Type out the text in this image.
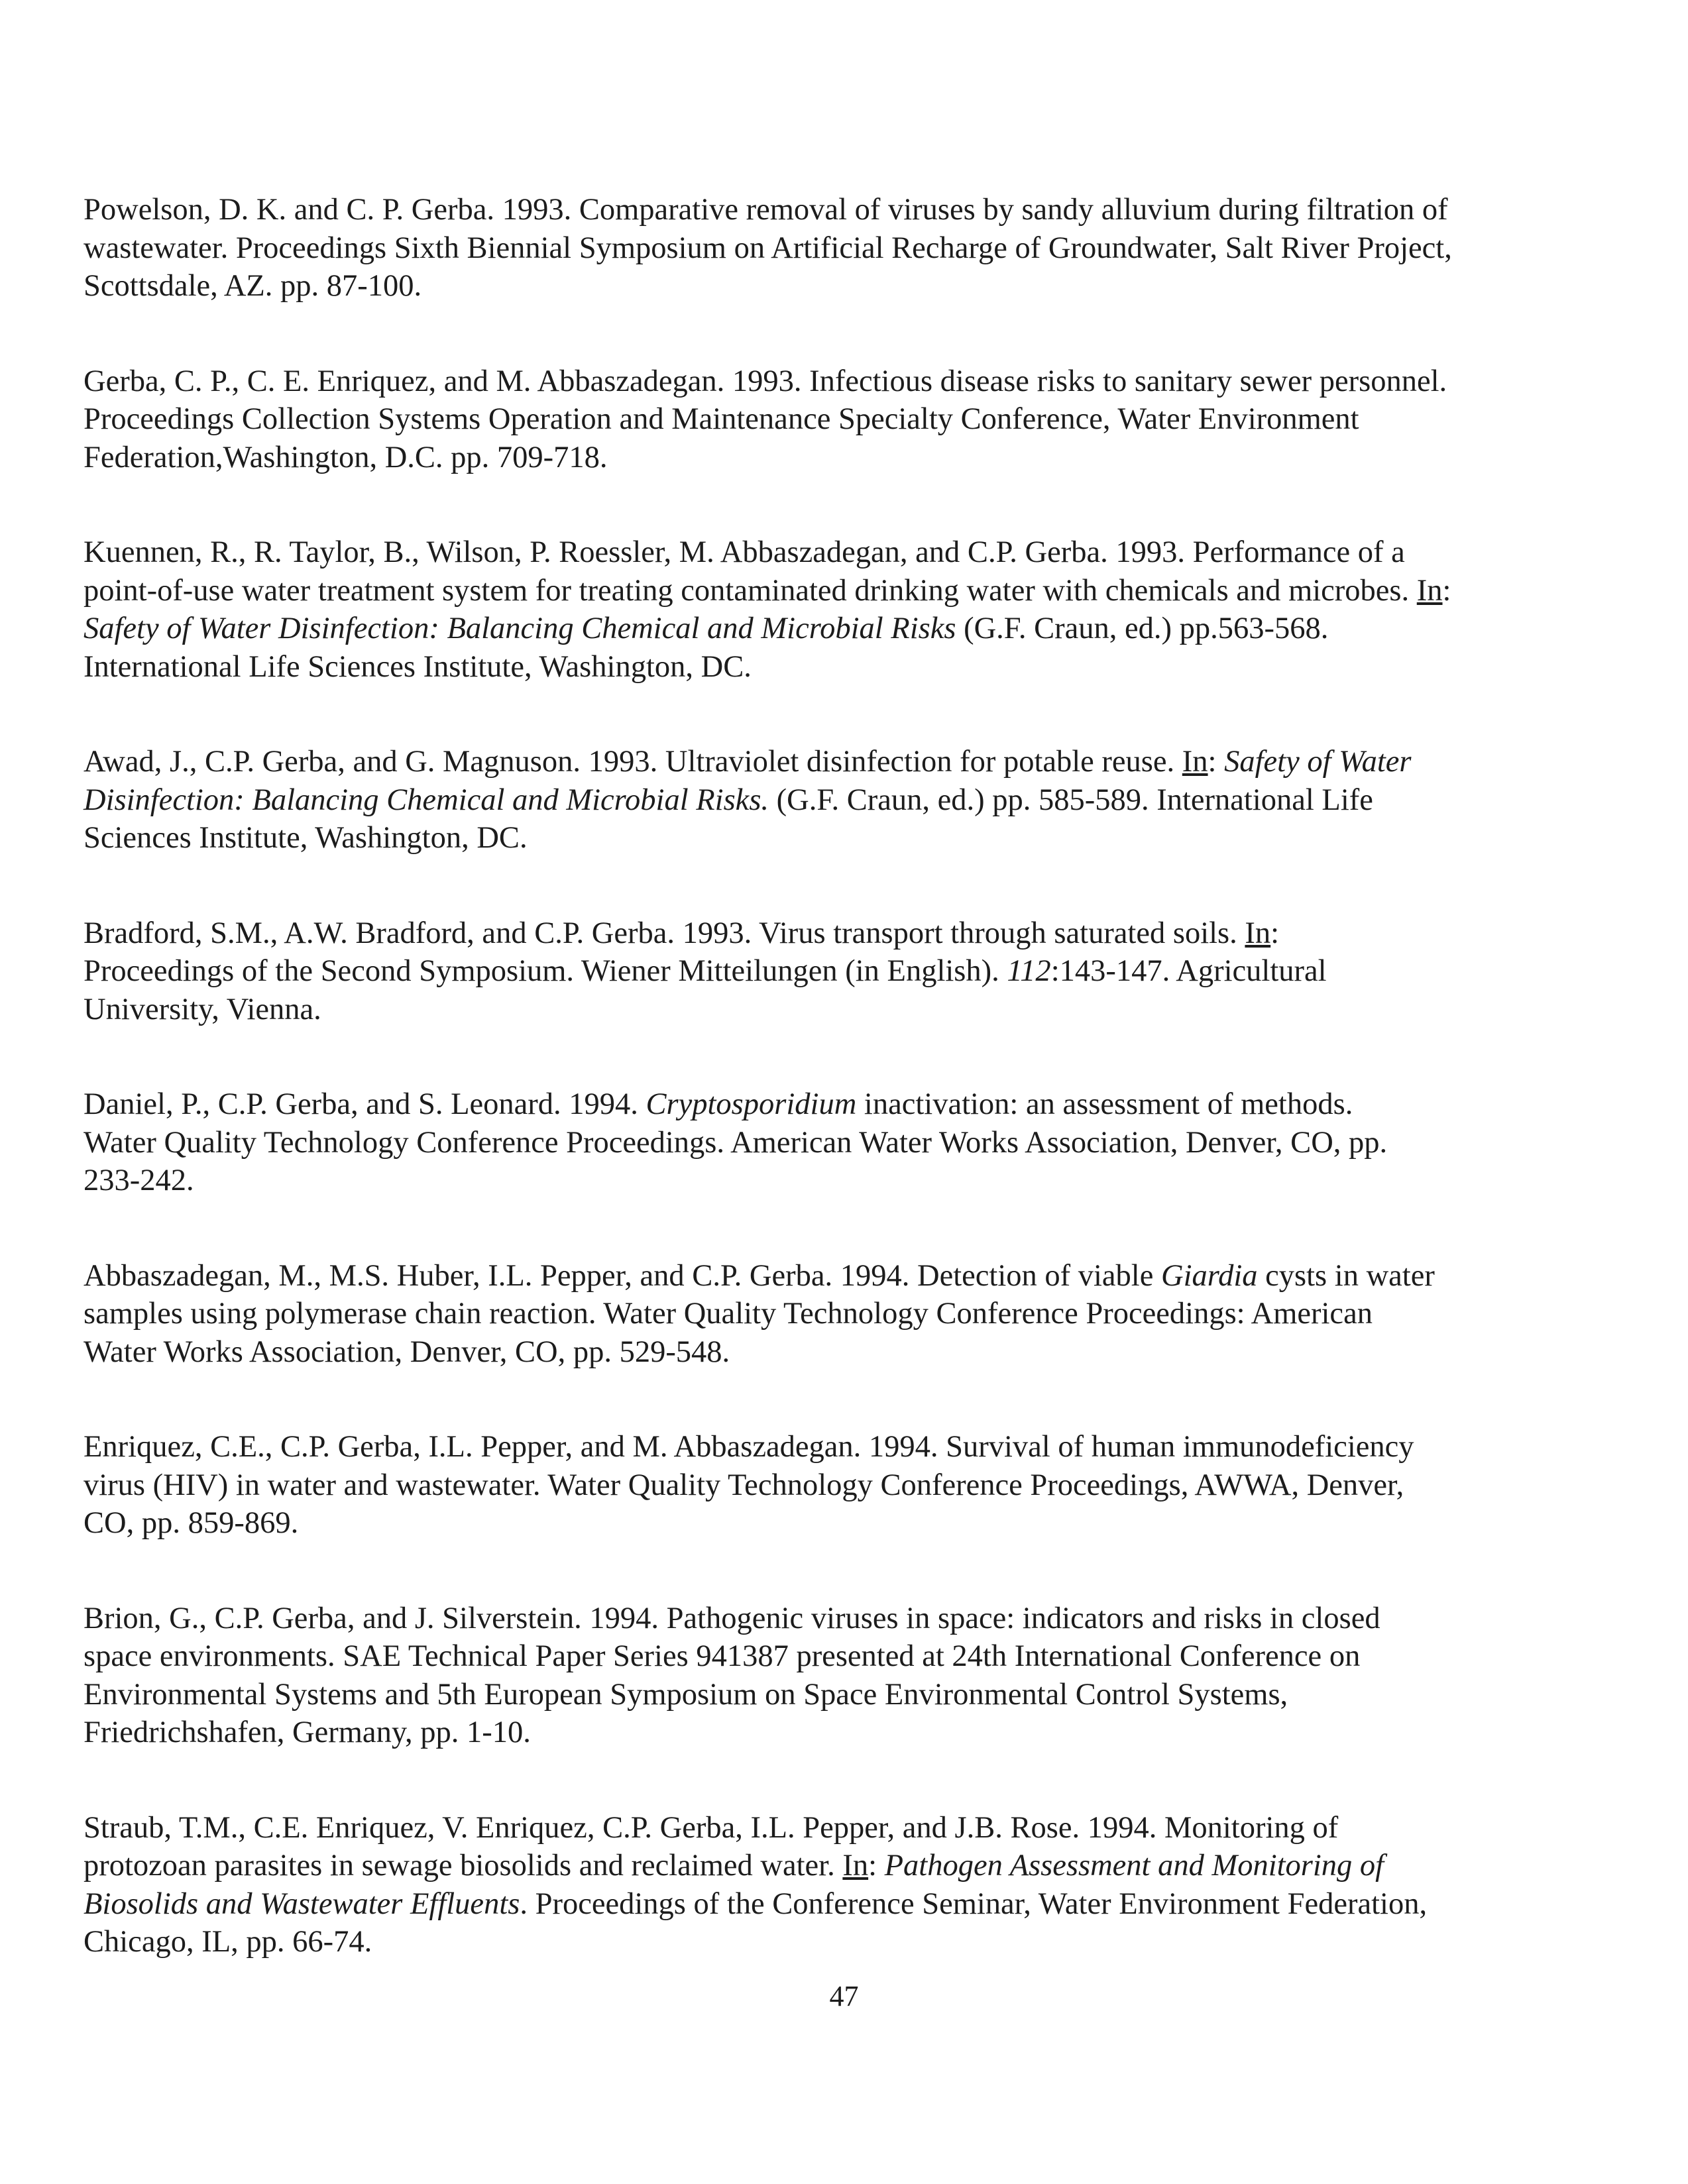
Powelson, D. K. and C. P. Gerba. 1993. Comparative removal of viruses by sandy alluvium during filtration of
wastewater. Proceedings Sixth Biennial Symposium on Artificial Recharge of Groundwater, Salt River Project,
Scottsdale, AZ. pp. 87-100.

Gerba, C. P., C. E. Enriquez, and M. Abbaszadegan. 1993. Infectious disease risks to sanitary sewer personnel.
Proceedings Collection Systems Operation and Maintenance Specialty Conference, Water Environment
Federation,Washington, D.C. pp. 709-718.

Kuennen, R., R. Taylor, B., Wilson, P. Roessler, M. Abbaszadegan, and C.P. Gerba. 1993. Performance of a
point-of-use water treatment system for treating contaminated drinking water with chemicals and microbes. In:
Safety of Water Disinfection: Balancing Chemical and Microbial Risks (G.F. Craun, ed.) pp.563-568.
International Life Sciences Institute, Washington, DC.

Awad, J., C.P. Gerba, and G. Magnuson. 1993. Ultraviolet disinfection for potable reuse. In: Safety of Water
Disinfection: Balancing Chemical and Microbial Risks. (G.F. Craun, ed.) pp. 585-589. International Life
Sciences Institute, Washington, DC.

Bradford, S.M., A.W. Bradford, and C.P. Gerba. 1993. Virus transport through saturated soils. In:
Proceedings of the Second Symposium. Wiener Mitteilungen (in English). 112:143-147. Agricultural
University, Vienna.

Daniel, P., C.P. Gerba, and S. Leonard. 1994. Cryptosporidium inactivation: an assessment of methods.
Water Quality Technology Conference Proceedings. American Water Works Association, Denver, CO, pp.
233-242.

Abbaszadegan, M., M.S. Huber, I.L. Pepper, and C.P. Gerba. 1994. Detection of viable Giardia cysts in water
samples using polymerase chain reaction. Water Quality Technology Conference Proceedings: American
Water Works Association, Denver, CO, pp. 529-548.

Enriquez, C.E., C.P. Gerba, I.L. Pepper, and M. Abbaszadegan. 1994. Survival of human immunodeficiency
virus (HIV) in water and wastewater. Water Quality Technology Conference Proceedings, AWWA, Denver,
CO, pp. 859-869.

Brion, G., C.P. Gerba, and J. Silverstein. 1994. Pathogenic viruses in space: indicators and risks in closed
space environments. SAE Technical Paper Series 941387 presented at 24th International Conference on
Environmental Systems and 5th European Symposium on Space Environmental Control Systems,
Friedrichshafen, Germany, pp. 1-10.

Straub, T.M., C.E. Enriquez, V. Enriquez, C.P. Gerba, I.L. Pepper, and J.B. Rose. 1994. Monitoring of
protozoan parasites in sewage biosolids and reclaimed water. In: Pathogen Assessment and Monitoring of
Biosolids and Wastewater Effluents. Proceedings of the Conference Seminar, Water Environment Federation,
Chicago, IL, pp. 66-74.

47
